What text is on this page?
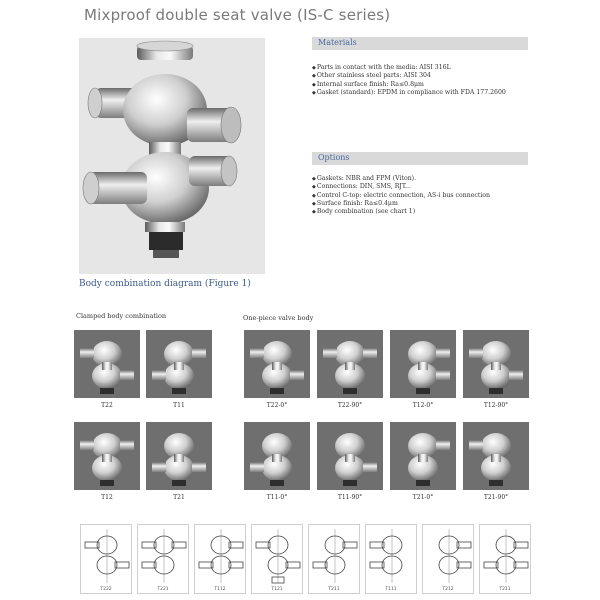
Mixproof double seat valve (IS-C series)
Body combination diagram (Figure 1)
Materials
◆ Parts in contact with the media: AISI 316L
◆ Other stainless steel parts: AISI 304
◆ Internal surface finish: Ra≤0.8μm
◆ Gasket (standard): EPDM in compliance with FDA 177.2600
Options
◆ Gaskets: NBR and FPM (Viton).
◆ Connections: DIN, SMS, RJT...
◆ Control C-top: electric connection, AS-i bus connection
◆ Surface finish: Ra≤0.4μm
◆ Body combination (see chart 1)
Clamped body combination	One-piece valve body
T22	T11
T12	T21
T22-0°	T22-90°	T12-0°	T12-90°
T11-0°	T11-90°	T21-0°	T21-90°
T222	T221	T112	T121	T211	T111	T212	T211
